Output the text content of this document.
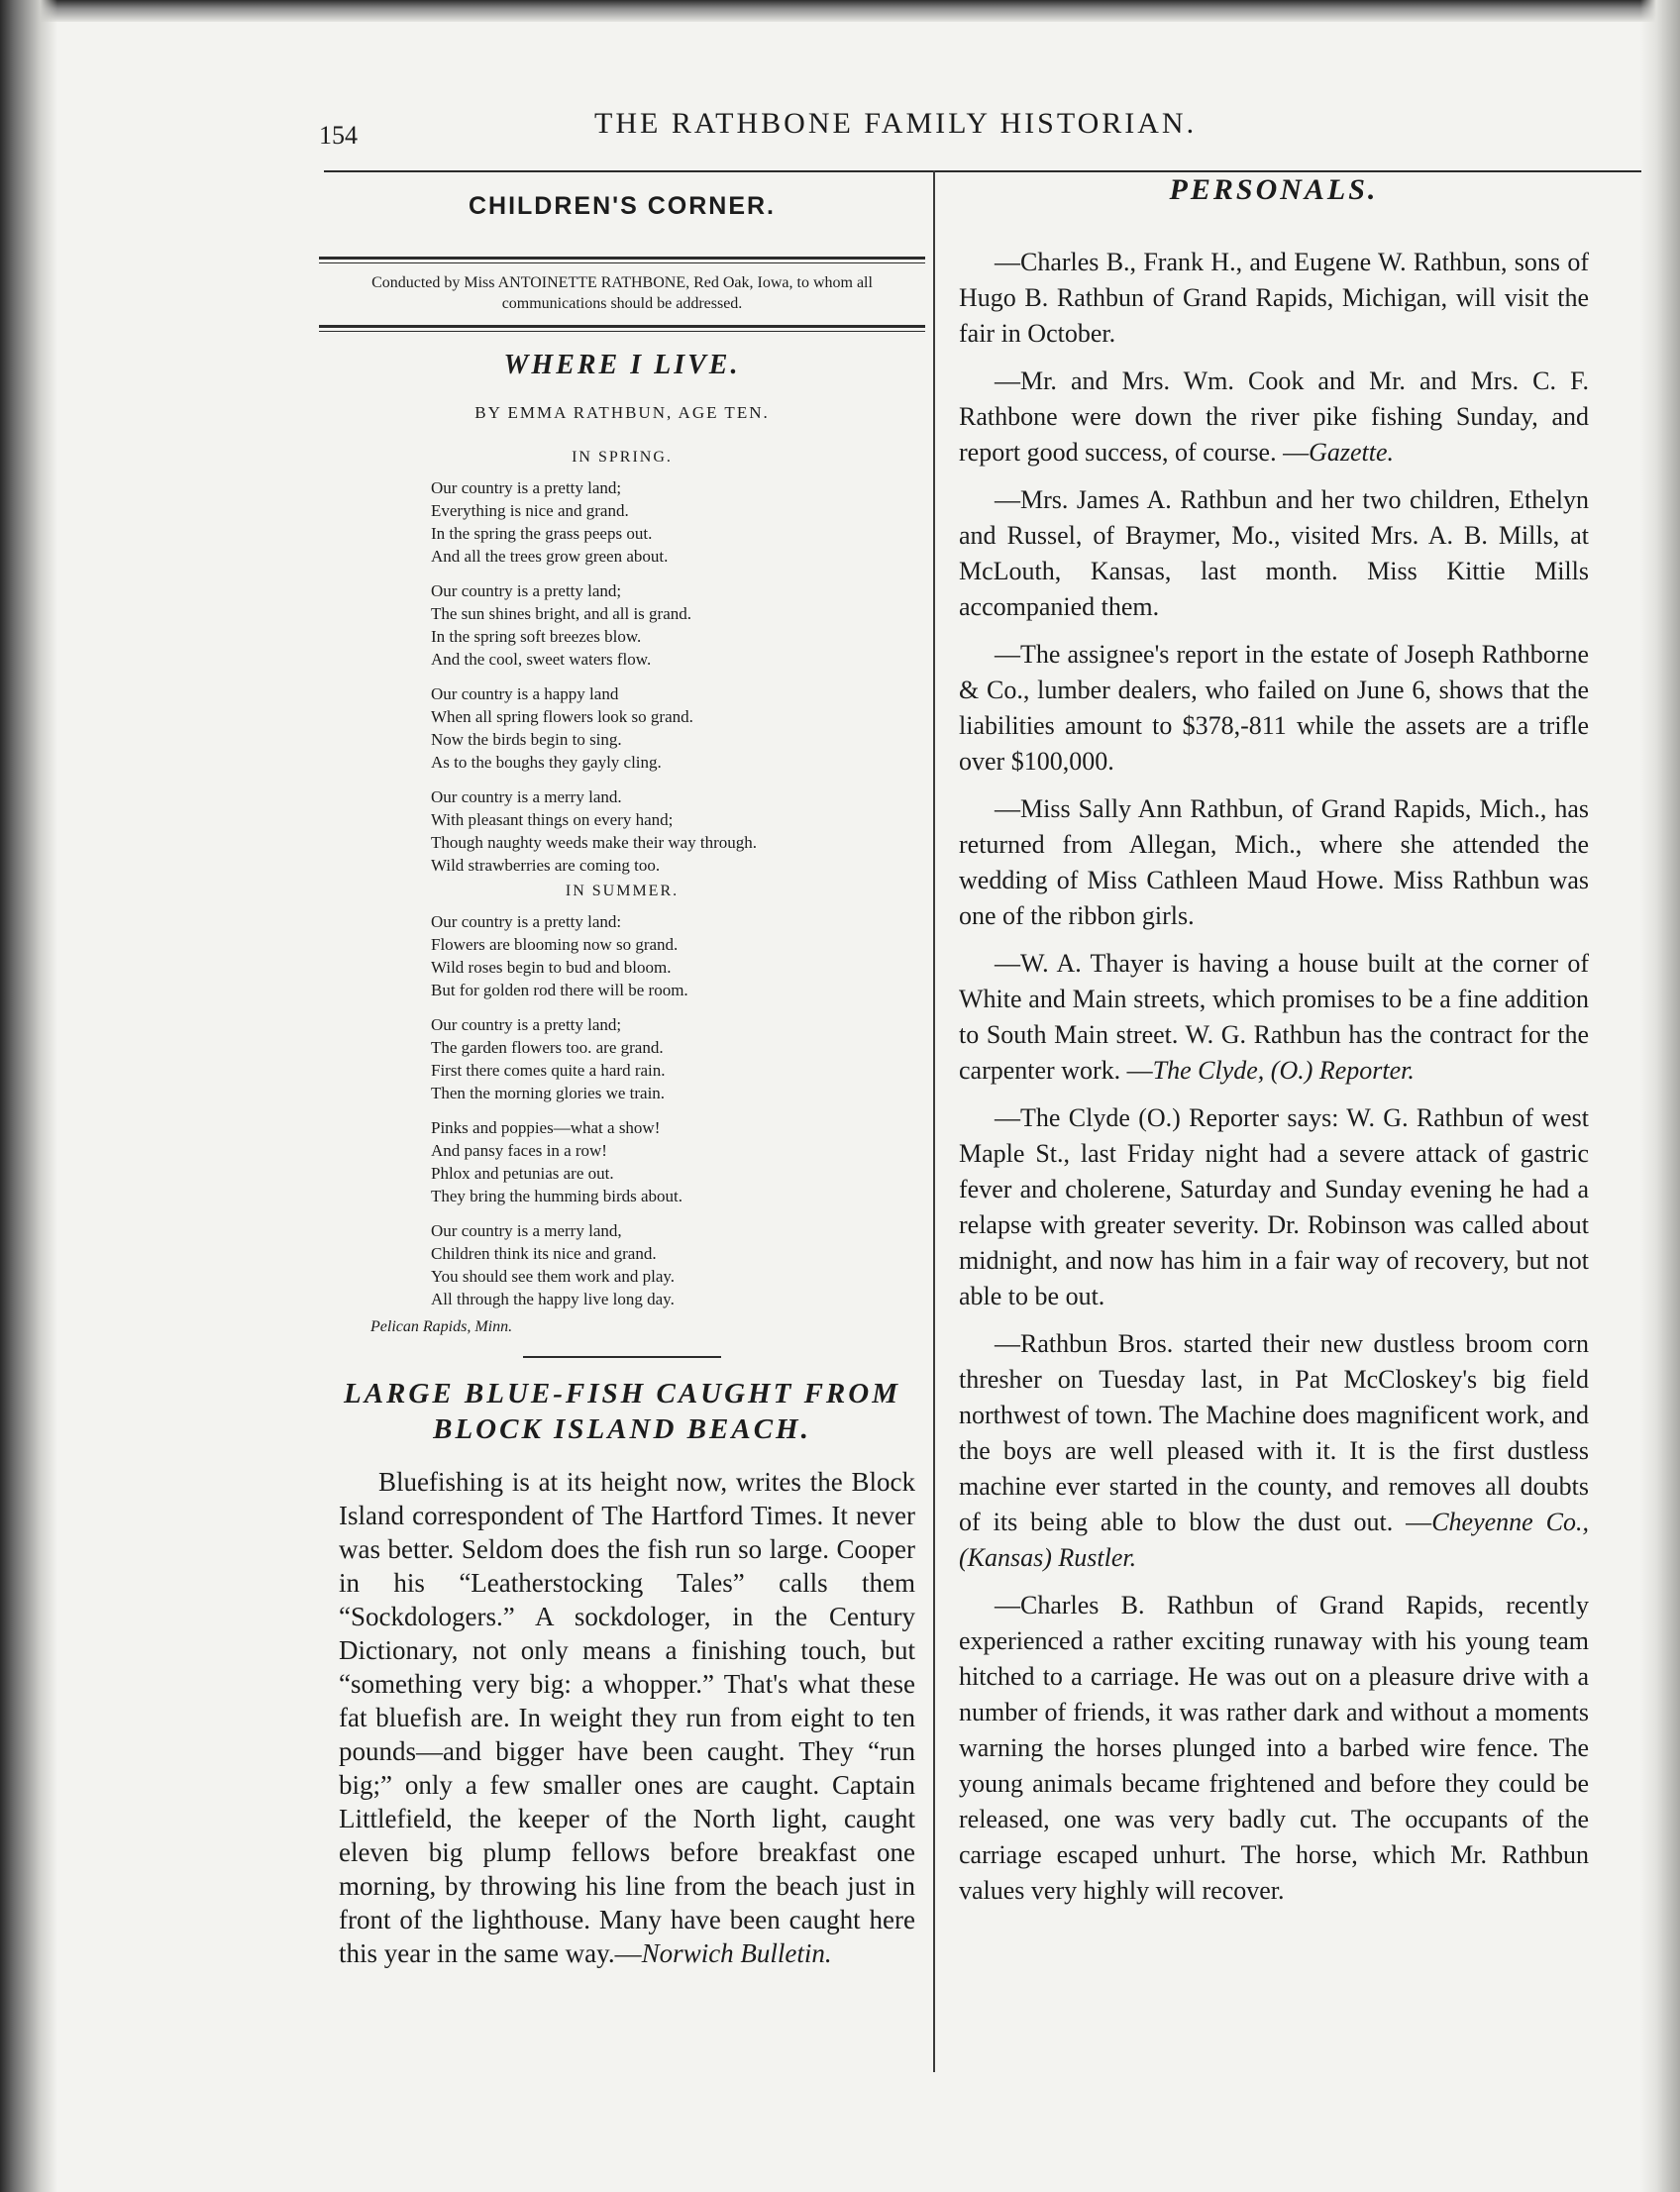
154	THE RATHBONE FAMILY HISTORIAN.
CHILDREN'S CORNER.
Conducted by Miss ANTOINETTE RATHBONE, Red Oak, Iowa, to whom all communications should be addressed.
WHERE I LIVE.
BY EMMA RATHBUN, AGE TEN.
IN SPRING.
Our country is a pretty land;
Everything is nice and grand.
In the spring the grass peeps out.
And all the trees grow green about.
Our country is a pretty land;
The sun shines bright, and all is grand.
In the spring soft breezes blow.
And the cool, sweet waters flow.
Our country is a happy land
When all spring flowers look so grand.
Now the birds begin to sing.
As to the boughs they gayly cling.
Our country is a merry land.
With pleasant things on every hand;
Though naughty weeds make their way through.
Wild strawberries are coming too.
IN SUMMER.
Our country is a pretty land:
Flowers are blooming now so grand.
Wild roses begin to bud and bloom.
But for golden rod there will be room.
Our country is a pretty land;
The garden flowers too. are grand.
First there comes quite a hard rain.
Then the morning glories we train.
Pinks and poppies—what a show!
And pansy faces in a row!
Phlox and petunias are out.
They bring the humming birds about.
Our country is a merry land,
Children think its nice and grand.
You should see them work and play.
All through the happy live long day.
Pelican Rapids, Minn.
LARGE BLUE-FISH CAUGHT FROM BLOCK ISLAND BEACH.

Bluefishing is at its height now, writes the Block Island correspondent of The Hartford Times. It never was better. Seldom does the fish run so large. Cooper in his “Leatherstocking Tales” calls them “Sockdologers.” A sockdologer, in the Century Dictionary, not only means a finishing touch, but “something very big: a whopper.” That's what these fat bluefish are. In weight they run from eight to ten pounds—and bigger have been caught. They “run big;” only a few smaller ones are caught. Captain Littlefield, the keeper of the North light, caught eleven big plump fellows before breakfast one morning, by throwing his line from the beach just in front of the lighthouse. Many have been caught here this year in the same way.—Norwich Bulletin.

PERSONALS.

—Charles B., Frank H., and Eugene W. Rathbun, sons of Hugo B. Rathbun of Grand Rapids, Michigan, will visit the fair in October.

—Mr. and Mrs. Wm. Cook and Mr. and Mrs. C. F. Rathbone were down the river pike fishing Sunday, and report good success, of course. —Gazette.

—Mrs. James A. Rathbun and her two children, Ethelyn and Russel, of Braymer, Mo., visited Mrs. A. B. Mills, at McLouth, Kansas, last month. Miss Kittie Mills accompanied them.

—The assignee's report in the estate of Joseph Rathborne & Co., lumber dealers, who failed on June 6, shows that the liabilities amount to $378,-811 while the assets are a trifle over $100,000.

—Miss Sally Ann Rathbun, of Grand Rapids, Mich., has returned from Allegan, Mich., where she attended the wedding of Miss Cathleen Maud Howe. Miss Rathbun was one of the ribbon girls.

—W. A. Thayer is having a house built at the corner of White and Main streets, which promises to be a fine addition to South Main street. W. G. Rathbun has the contract for the carpenter work. —The Clyde, (O.) Reporter.

—The Clyde (O.) Reporter says: W. G. Rathbun of west Maple St., last Friday night had a severe attack of gastric fever and cholerene, Saturday and Sunday evening he had a relapse with greater severity. Dr. Robinson was called about midnight, and now has him in a fair way of recovery, but not able to be out.

—Rathbun Bros. started their new dustless broom corn thresher on Tuesday last, in Pat McCloskey's big field northwest of town. The Machine does magnificent work, and the boys are well pleased with it. It is the first dustless machine ever started in the county, and removes all doubts of its being able to blow the dust out. —Cheyenne Co., (Kansas) Rustler.

—Charles B. Rathbun of Grand Rapids, recently experienced a rather exciting runaway with his young team hitched to a carriage. He was out on a pleasure drive with a number of friends, it was rather dark and without a moments warning the horses plunged into a barbed wire fence. The young animals became frightened and before they could be released, one was very badly cut. The occupants of the carriage escaped unhurt. The horse, which Mr. Rathbun values very highly will recover.
